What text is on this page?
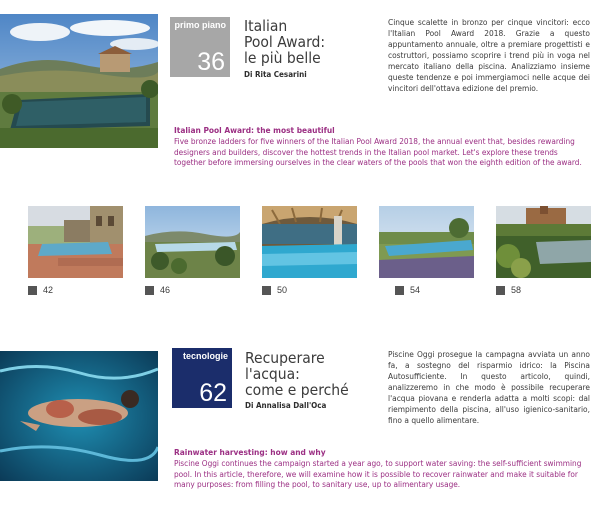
primo piano
36
Italian
Pool Award:
le più belle
Di Rita Cesarini
Cinque scalette in bronzo per cinque vincitori: ecco l'Italian Pool Award 2018. Grazie a questo appuntamento annuale, oltre a premiare progettisti e costruttori, possiamo scoprire i trend più in voga nel mercato italiano della piscina. Analizziamo insieme queste tendenze e poi immergiamoci nelle acque dei vincitori dell'ottava edizione del premio.
Italian Pool Award: the most beautiful
Five bronze ladders for five winners of the Italian Pool Award 2018, the annual event that, besides rewarding designers and builders, discover the hottest trends in the Italian pool market. Let's explore these trends together before immersing ourselves in the clear waters of the pools that won the eighth edition of the award.
42	46	50	54	58
tecnologie
62
Recuperare
l'acqua:
come e perché
Di Annalisa Dall'Oca
Piscine Oggi prosegue la campagna avviata un anno fa, a sostegno del risparmio idrico: la Piscina Autosufficiente. In questo articolo, quindi, analizzeremo in che modo è possibile recuperare l'acqua piovana e renderla adatta a molti scopi: dal riempimento della piscina, all'uso igienico-sanitario, fino a quello alimentare.
Rainwater harvesting: how and why
Piscine Oggi continues the campaign started a year ago, to support water saving: the self-sufficient swimming pool. In this article, therefore, we will examine how it is possible to recover rainwater and make it suitable for many purposes: from filling the pool, to sanitary use, up to alimentary usage.
